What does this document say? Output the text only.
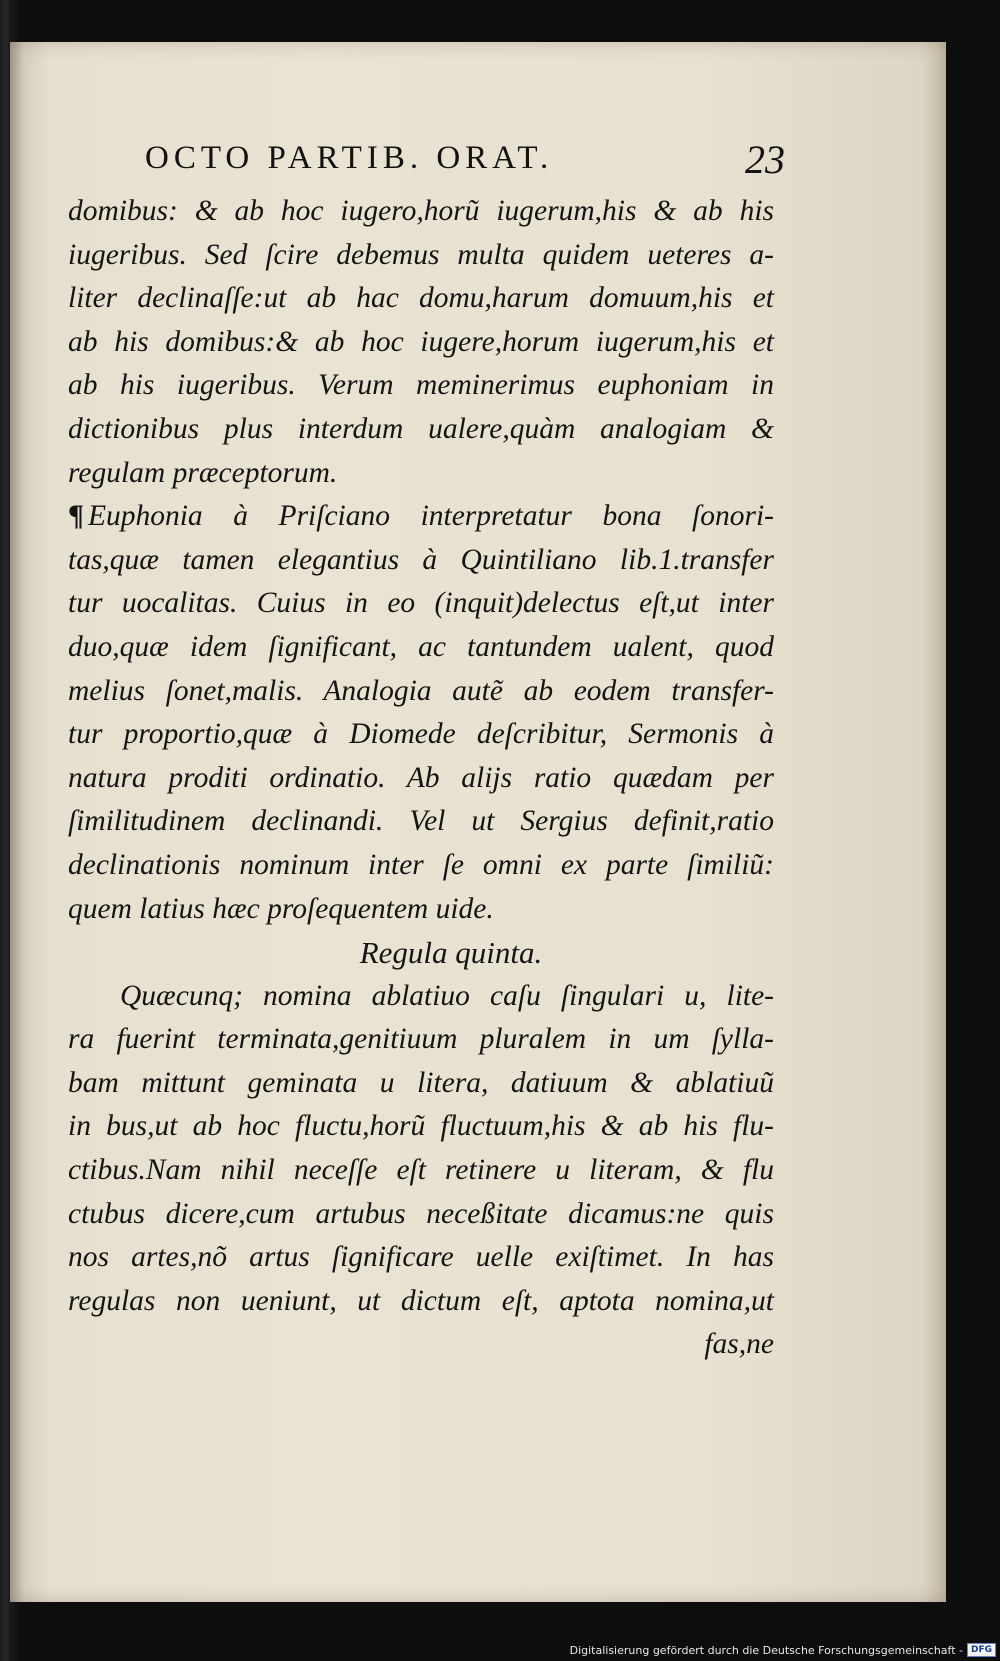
OCTO PARTIB. ORAT.	23
domibus: & ab hoc iugero,horũ iugerum,his & ab his
iugeribus. Sed ſcire debemus multa quidem ueteres a-
liter declinaſſe:ut ab hac domu,harum domuum,his et
ab his domibus:& ab hoc iugere,horum iugerum,his et
ab his iugeribus. Verum meminerimus euphoniam in
dictionibus plus interdum ualere,quàm analogiam &
regulam præceptorum.
¶ Euphonia à Priſciano interpretatur bona ſonori-
tas,quæ tamen elegantius à Quintiliano lib.1.transfer
tur uocalitas. Cuius in eo (inquit)delectus eſt,ut inter
duo,quæ idem ſignificant, ac tantundem ualent, quod
melius ſonet,malis. Analogia autẽ ab eodem transfer-
tur proportio,quæ à Diomede deſcribitur, Sermonis à
natura proditi ordinatio. Ab alijs ratio quædam per
ſimilitudinem declinandi. Vel ut Sergius definit,ratio
declinationis nominum inter ſe omni ex parte ſimiliũ:
quem latius hæc proſequentem uide.
Regula quinta.
Quæcunq; nomina ablatiuo caſu ſingulari u, lite-
ra fuerint terminata,genitiuum pluralem in um ſylla-
bam mittunt geminata u litera, datiuum & ablatiuũ
in bus,ut ab hoc fluctu,horũ fluctuum,his & ab his flu-
ctibus.Nam nihil neceſſe eſt retinere u literam, & flu
ctubus dicere,cum artubus neceßitate dicamus:ne quis
nos artes,nõ artus ſignificare uelle exiſtimet. In has
regulas non ueniunt, ut dictum eſt, aptota nomina,ut
fas,ne
Digitalisierung gefördert durch die Deutsche Forschungsgemeinschaft - DFG
